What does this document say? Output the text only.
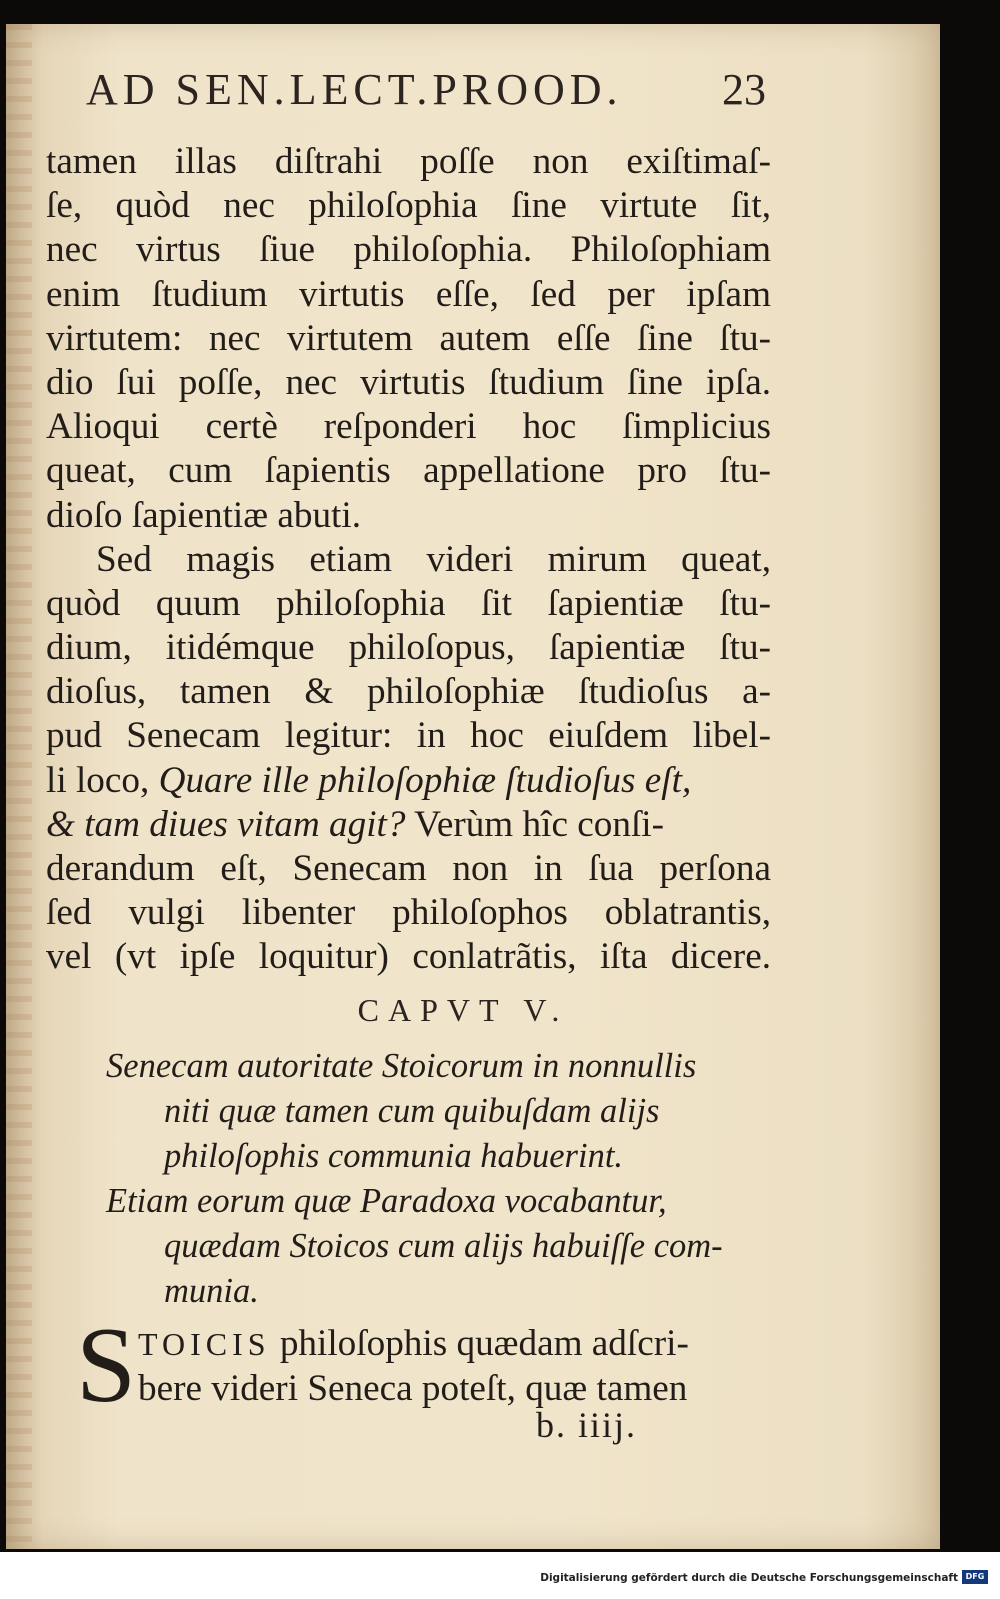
AD SEN.LECT.PROOD. 23
tamen illas diſtrahi poſſe non exiſtimaſ-
ſe, quòd nec philoſophia ſine virtute ſit,
nec virtus ſiue philoſophia. Philoſophiam
enim ſtudium virtutis eſſe, ſed per ipſam
virtutem: nec virtutem autem eſſe ſine ſtu-
dio ſui poſſe, nec virtutis ſtudium ſine ipſa.
Alioqui certè reſponderi hoc ſimplicius
queat, cum ſapientis appellatione pro ſtu-
dioſo ſapientiæ abuti.
Sed magis etiam videri mirum queat,
quòd quum philoſophia ſit ſapientiæ ſtu-
dium, itidémque philoſopus, ſapientiæ ſtu-
dioſus, tamen & philoſophiæ ſtudioſus a-
pud Senecam legitur: in hoc eiuſdem libel-
li loco, Quare ille philoſophiæ ſtudioſus eſt,
& tam diues vitam agit? Verùm hîc conſi-
derandum eſt, Senecam non in ſua perſona
ſed vulgi libenter philoſophos oblatrantis,
vel (vt ipſe loquitur) conlatrãtis, iſta dicere.
CAPVT V.
Senecam autoritate Stoicorum in nonnullis
niti quæ tamen cum quibuſdam aliјs
philoſophis communia habuerint.
Etiam eorum quæ Paradoxa vocabantur,
quædam Stoicos cum aliјs habuiſſe com-
munia.
S TOICIS philoſophis quædam adſcri-
bere videri Seneca poteſt, quæ tamen
b. iiij.
Digitalisierung gefördert durch die Deutsche Forschungsgemeinschaft DFG
